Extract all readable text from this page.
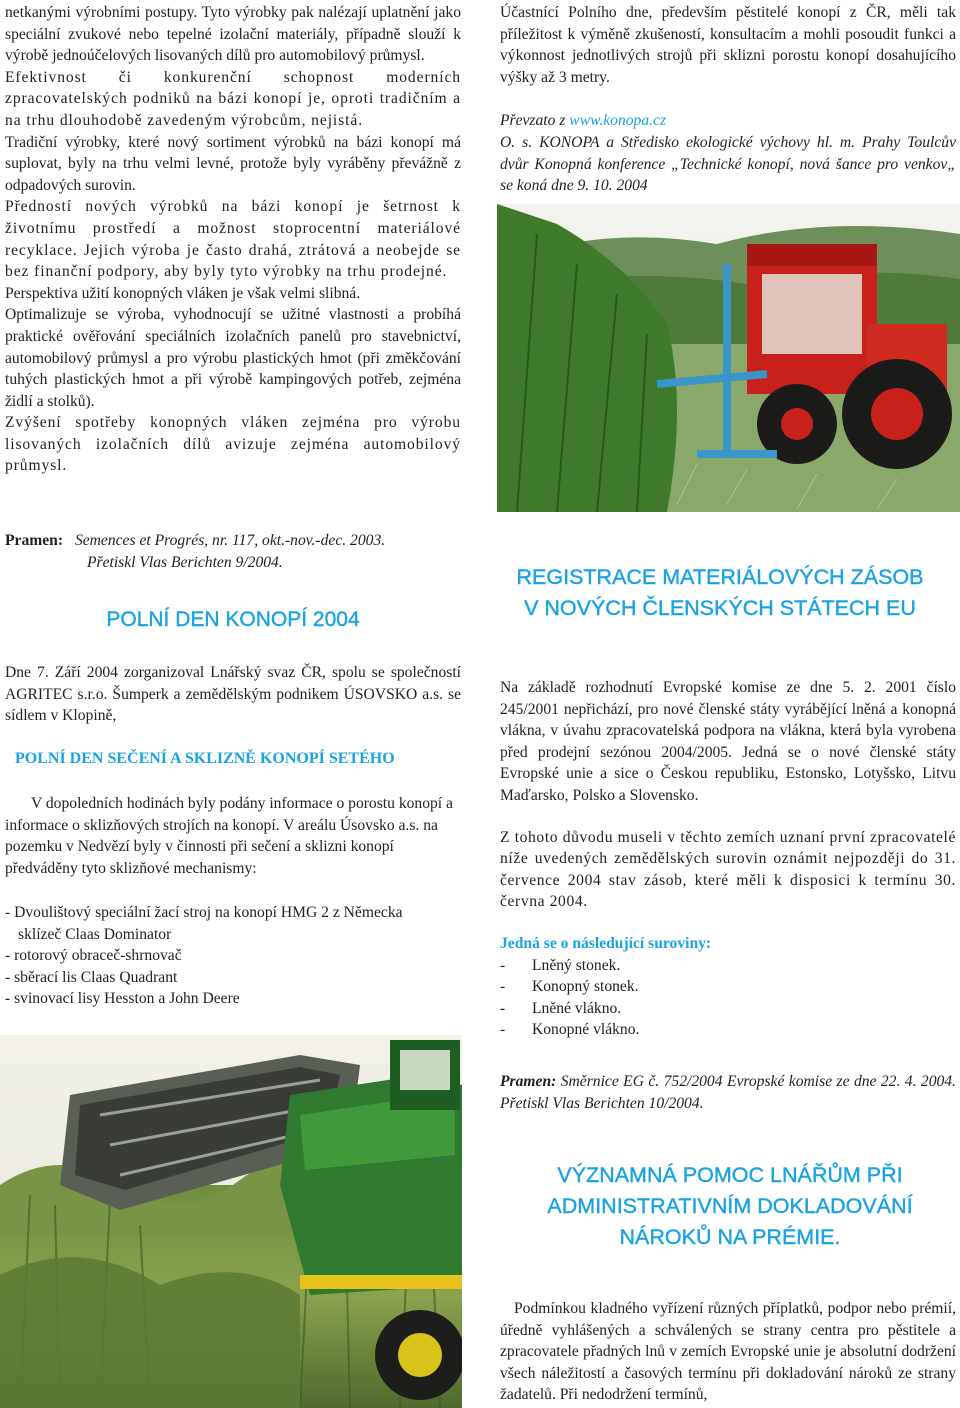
netkanými výrobními postupy. Tyto výrobky pak nalézají uplatnění jako speciální zvukové nebo tepelné izolační materiály, případně slouží k výrobě jednoúčelových lisovaných dílů pro automobilový průmysl.

Efektivnost či konkurenční schopnost moderních zpracovatelských podniků na bázi konopí je, oproti tradičním a na trhu dlouhodobě zavedeným výrobcům, nejistá.

Tradiční výrobky, které nový sortiment výrobků na bázi konopí má suplovat, byly na trhu velmi levné, protože byly vyráběny převážně z odpadových surovin.

Předností nových výrobků na bázi konopí je šetrnost k životnímu prostředí a možnost stoprocentní materiálové recyklace. Jejich výroba je často drahá, ztrátová a neobejde se bez finanční podpory, aby byly tyto výrobky na trhu prodejné.

Perspektiva užití konopných vláken je však velmi slibná.

Optimalizuje se výroba, vyhodnocují se užitné vlastnosti a probíhá praktické ověřování speciálních izolačních panelů pro stavebnictví, automobilový průmysl a pro výrobu plastických hmot (při změkčování tuhých plastických hmot a při výrobě kampingových potřeb, zejména židlí a stolků).

Zvýšení spotřeby konopných vláken zejména pro výrobu lisovaných izolačních dílů avizuje zejména automobilový průmysl.

Pramen: Semences et Progrés, nr. 117, okt.-nov.-dec. 2003.
Přetiskl Vlas Berichten 9/2004.
POLNÍ DEN KONOPÍ 2004

Dne 7. Září 2004 zorganizoval Lnářský svaz ČR, spolu se společností AGRITEC s.r.o. Šumperk a zemědělským podnikem ÚSOVSKO a.s. se sídlem v Klopině,

POLNÍ DEN SEČENÍ A SKLIZNĚ KONOPÍ SETÉHO

V dopoledních hodinách byly podány informace o porostu konopí a informace o sklizňových strojích na konopí. V areálu Úsovsko a.s. na pozemku v Nedvězí byly v činnosti při sečení a sklizni konopí předváděny tyto sklizňové mechanismy:

- Dvoulištový speciální žací stroj na konopí HMG 2 z Německa
sklízeč Claas Dominator
- rotorový obraceč-shrnovač
- sběrací lis Claas Quadrant
- svinovací lisy Hesston a John Deere

Účastnící Polního dne, především pěstitelé konopí z ČR, měli tak příležitost k výměně zkušeností, konsultacím a mohli posoudit funkci a výkonnost jednotlivých strojů při sklizni porostu konopí dosahujícího výšky až 3 metry.

Převzato z www.konopa.cz

O. s. KONOPA a Středisko ekologické výchovy hl. m. Prahy Toulcův dvůr Konopná konference „Technické konopí, nová šance pro venkov„ se koná dne 9. 10. 2004

REGISTRACE MATERIÁLOVÝCH ZÁSOB V NOVÝCH ČLENSKÝCH STÁTECH EU

Na základě rozhodnutí Evropské komise ze dne 5. 2. 2001 číslo 245/2001 nepřichází, pro nové členské státy vyrábějící lněná a konopná vlákna, v úvahu zpracovatelská podpora na vlákna, která byla vyrobena před prodejní sezónou 2004/2005. Jedná se o nové členské státy Evropské unie a sice o Českou republiku, Estonsko, Lotyšsko, Litvu Maďarsko, Polsko a Slovensko.

Z tohoto důvodu museli v těchto zemích uznaní první zpracovatelé níže uvedených zemědělských surovin oznámit nejpozději do 31. července 2004 stav zásob, které měli k disposici k termínu 30. června 2004.

Jedná se o následující suroviny:
- Lněný stonek.
- Konopný stonek.
- Lněné vlákno.
- Konopné vlákno.

Pramen: Směrnice EG č. 752/2004 Evropské komise ze dne 22. 4. 2004. Přetiskl Vlas Berichten 10/2004.

VÝZNAMNÁ POMOC LNÁŘŮM PŘI ADMINISTRATIVNÍM DOKLADOVÁNÍ NÁROKŮ NA PRÉMIE.

Podmínkou kladného vyřízení různých příplatků, podpor nebo prémií, úředně vyhlášených a schválených se strany centra pro pěstitele a zpracovatele přadných lnů v zemích Evropské unie je absolutní dodržení všech náležitostí a časových termínu při dokladování nároků ze strany žadatelů. Při nedodržení termínů,
